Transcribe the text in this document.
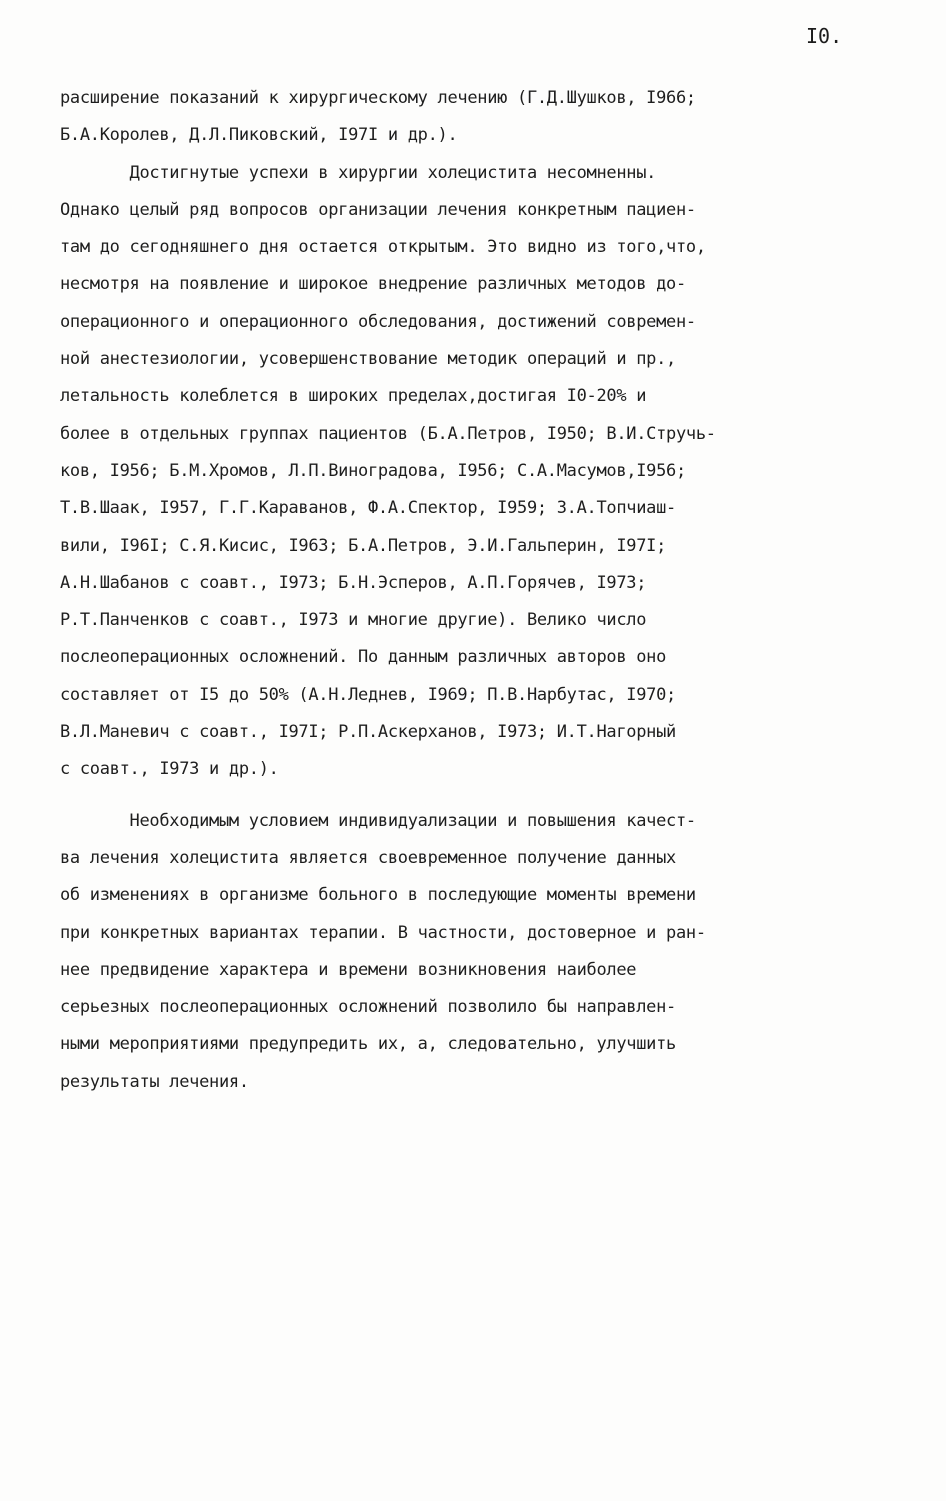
I0.
расширение показаний к хирургическому лечению (Г.Д.Шушков, I966;
Б.А.Королев, Д.Л.Пиковский, I97I и др.).
Достигнутые успехи в хирургии холецистита несомненны.
Однако целый ряд вопросов организации лечения конкретным пациен-
там до сегодняшнего дня остается открытым. Это видно из того,что,
несмотря на появление и широкое внедрение различных методов до-
операционного и операционного обследования, достижений современ-
ной анестезиологии, усовершенствование методик операций и пр.,
летальность колеблется в широких пределах,достигая I0-20% и
более в отдельных группах пациентов (Б.А.Петров, I950; В.И.Стручь-
ков, I956; Б.М.Хромов, Л.П.Виноградова, I956; С.А.Масумов,I956;
Т.В.Шаак, I957, Г.Г.Караванов, Ф.А.Спектор, I959; З.А.Топчиаш-
вили, I96I; С.Я.Кисис, I963; Б.А.Петров, Э.И.Гальперин, I97I;
А.Н.Шабанов с соавт., I973; Б.Н.Эсперов, А.П.Горячев, I973;
Р.Т.Панченков с соавт., I973 и многие другие). Велико число
послеоперационных осложнений. По данным различных авторов оно
составляет от I5 до 50% (А.Н.Леднев, I969; П.В.Нарбутас, I970;
В.Л.Маневич с соавт., I97I; Р.П.Аскерханов, I973; И.Т.Нагорный
с соавт., I973 и др.).
Необходимым условием индивидуализации и повышения качест-
ва лечения холецистита является своевременное получение данных
об изменениях в организме больного в последующие моменты времени
при конкретных вариантах терапии. В частности, достоверное и ран-
нее предвидение характера и времени возникновения наиболее
серьезных послеоперационных осложнений позволило бы направлен-
ными мероприятиями предупредить их, а, следовательно, улучшить
результаты лечения.
